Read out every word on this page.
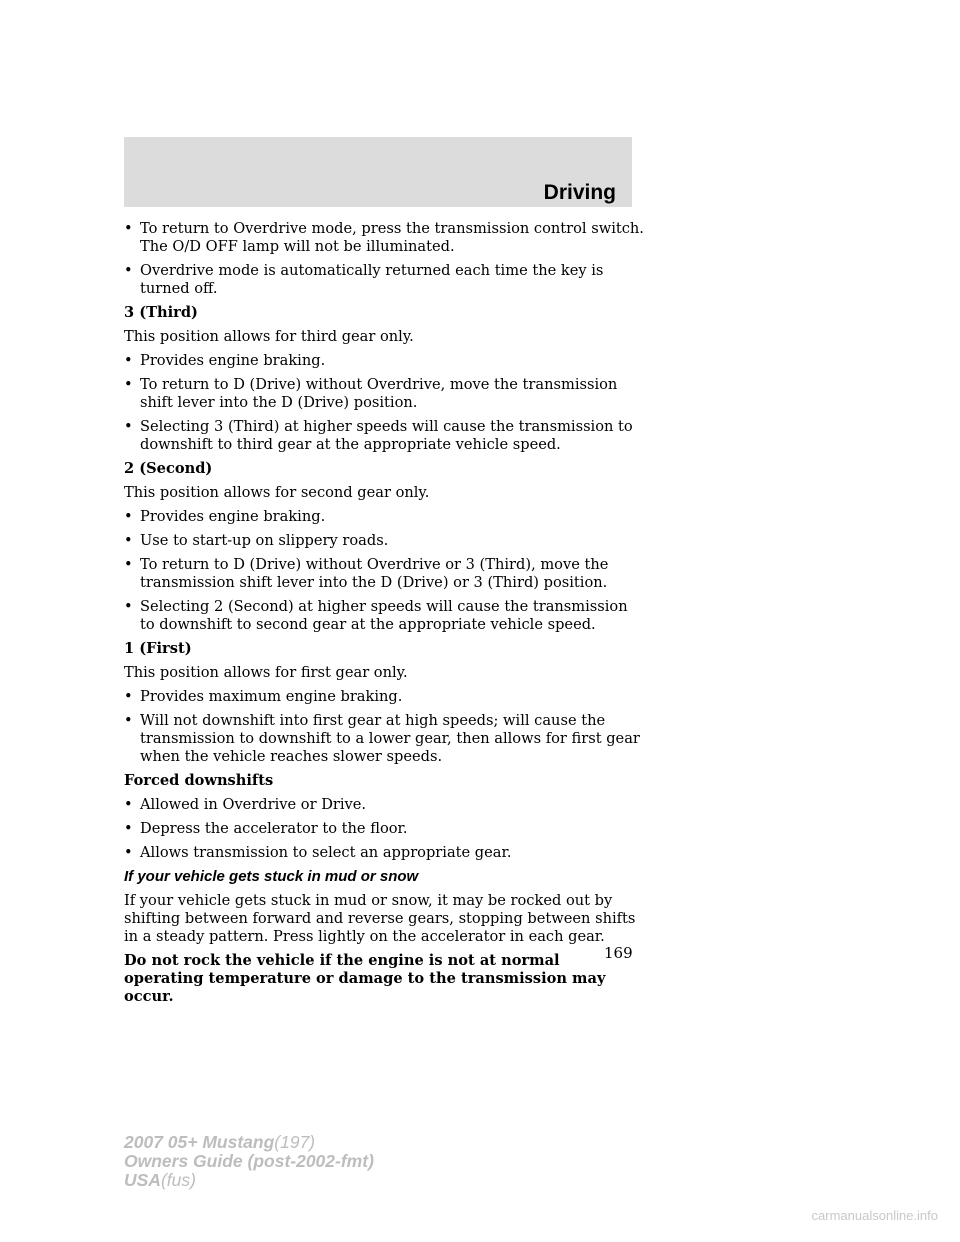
Driving
• To return to Overdrive mode, press the transmission control switch. The O/D OFF lamp will not be illuminated.
• Overdrive mode is automatically returned each time the key is turned off.
3 (Third)
This position allows for third gear only.
• Provides engine braking.
• To return to D (Drive) without Overdrive, move the transmission shift lever into the D (Drive) position.
• Selecting 3 (Third) at higher speeds will cause the transmission to downshift to third gear at the appropriate vehicle speed.
2 (Second)
This position allows for second gear only.
• Provides engine braking.
• Use to start-up on slippery roads.
• To return to D (Drive) without Overdrive or 3 (Third), move the transmission shift lever into the D (Drive) or 3 (Third) position.
• Selecting 2 (Second) at higher speeds will cause the transmission to downshift to second gear at the appropriate vehicle speed.
1 (First)
This position allows for first gear only.
• Provides maximum engine braking.
• Will not downshift into first gear at high speeds; will cause the transmission to downshift to a lower gear, then allows for first gear when the vehicle reaches slower speeds.
Forced downshifts
• Allowed in Overdrive or Drive.
• Depress the accelerator to the floor.
• Allows transmission to select an appropriate gear.
If your vehicle gets stuck in mud or snow
If your vehicle gets stuck in mud or snow, it may be rocked out by shifting between forward and reverse gears, stopping between shifts in a steady pattern. Press lightly on the accelerator in each gear.
Do not rock the vehicle if the engine is not at normal operating temperature or damage to the transmission may occur.
169
2007 05+ Mustang(197)
Owners Guide (post-2002-fmt)
USA(fus)
carmanualsonline.info
